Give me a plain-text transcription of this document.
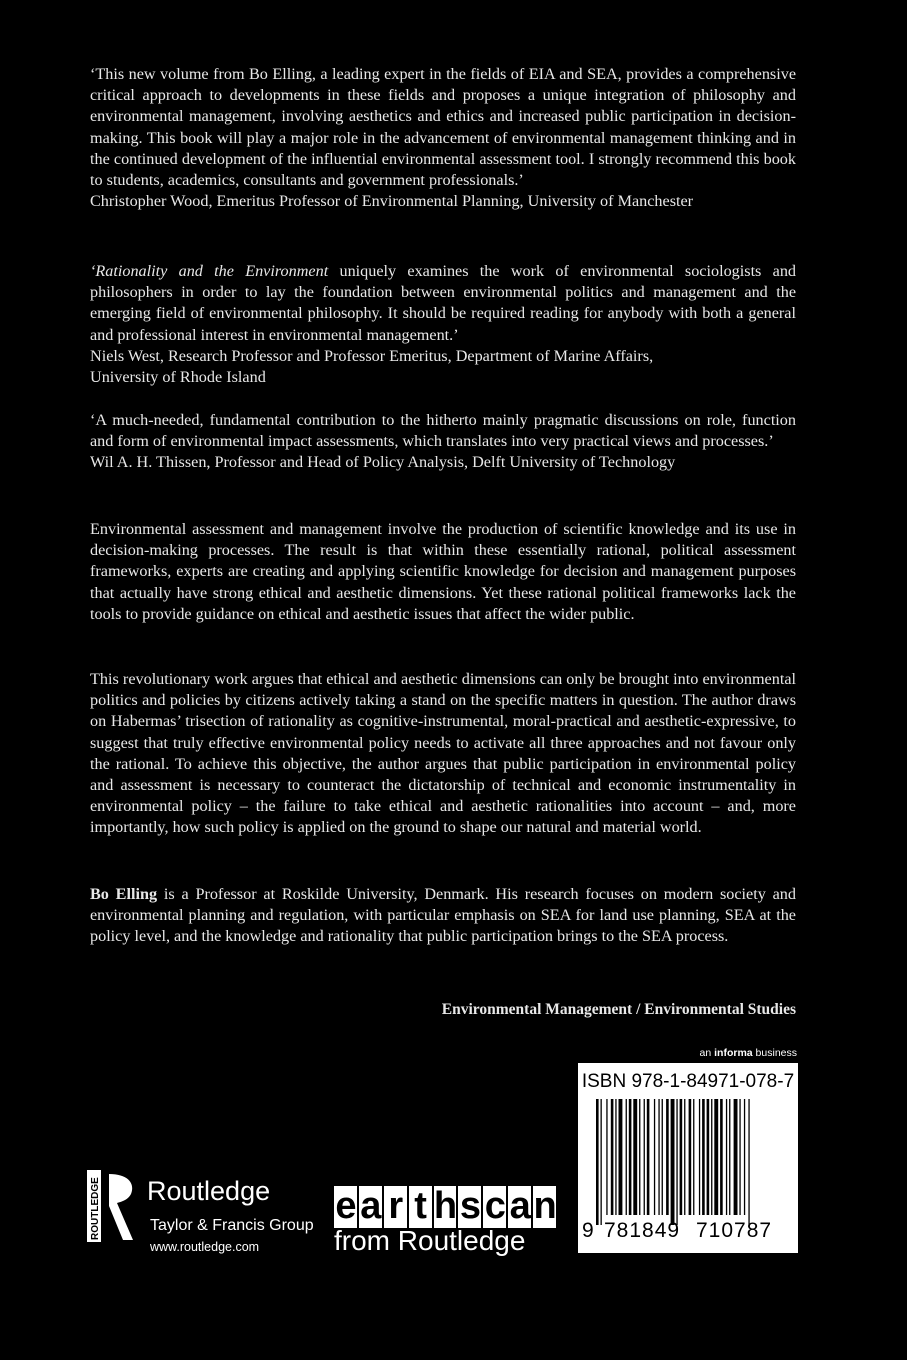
‘This new volume from Bo Elling, a leading expert in the fields of EIA and SEA, provides a comprehensive critical approach to developments in these fields and proposes a unique integration of philosophy and environmental management, involving aesthetics and ethics and increased public participation in decision-making. This book will play a major role in the advancement of environmental management thinking and in the continued development of the influential environmental assessment tool. I strongly recommend this book to students, academics, consultants and government professionals.’

Christopher Wood, Emeritus Professor of Environmental Planning, University of Manchester

‘Rationality and the Environment uniquely examines the work of environmental sociologists and philosophers in order to lay the foundation between environmental politics and management and the emerging field of environmental philosophy. It should be required reading for anybody with both a general and professional interest in environmental management.’

Niels West, Research Professor and Professor Emeritus, Department of Marine Affairs,

University of Rhode Island

‘A much-needed, fundamental contribution to the hitherto mainly pragmatic discussions on role, function and form of environmental impact assessments, which translates into very practical views and processes.’

Wil A. H. Thissen, Professor and Head of Policy Analysis, Delft University of Technology

Environmental assessment and management involve the production of scientific knowledge and its use in decision-making processes. The result is that within these essentially rational, political assessment frameworks, experts are creating and applying scientific knowledge for decision and management purposes that actually have strong ethical and aesthetic dimensions. Yet these rational political frameworks lack the tools to provide guidance on ethical and aesthetic issues that affect the wider public.

This revolutionary work argues that ethical and aesthetic dimensions can only be brought into environmental politics and policies by citizens actively taking a stand on the specific matters in question. The author draws on Habermas’ trisection of rationality as cognitive-instrumental, moral-practical and aesthetic-expressive, to suggest that truly effective environmental policy needs to activate all three approaches and not favour only the rational. To achieve this objective, the author argues that public participation in environmental policy and assessment is necessary to counteract the dictatorship of technical and economic instrumentality in environmental policy – the failure to take ethical and aesthetic rationalities into account – and, more importantly, how such policy is applied on the ground to shape our natural and material world.

Bo Elling is a Professor at Roskilde University, Denmark. His research focuses on modern society and environmental planning and regulation, with particular emphasis on SEA for land use planning, SEA at the policy level, and the knowledge and rationality that public participation brings to the SEA process.

Environmental Management / Environmental Studies
an informa business
ISBN 978-1-84971-078-7
9 781849 710787
ROUTLEDGE Routledge
Taylor & Francis Group
www.routledge.com
e a r t h s c a n
from Routledge
